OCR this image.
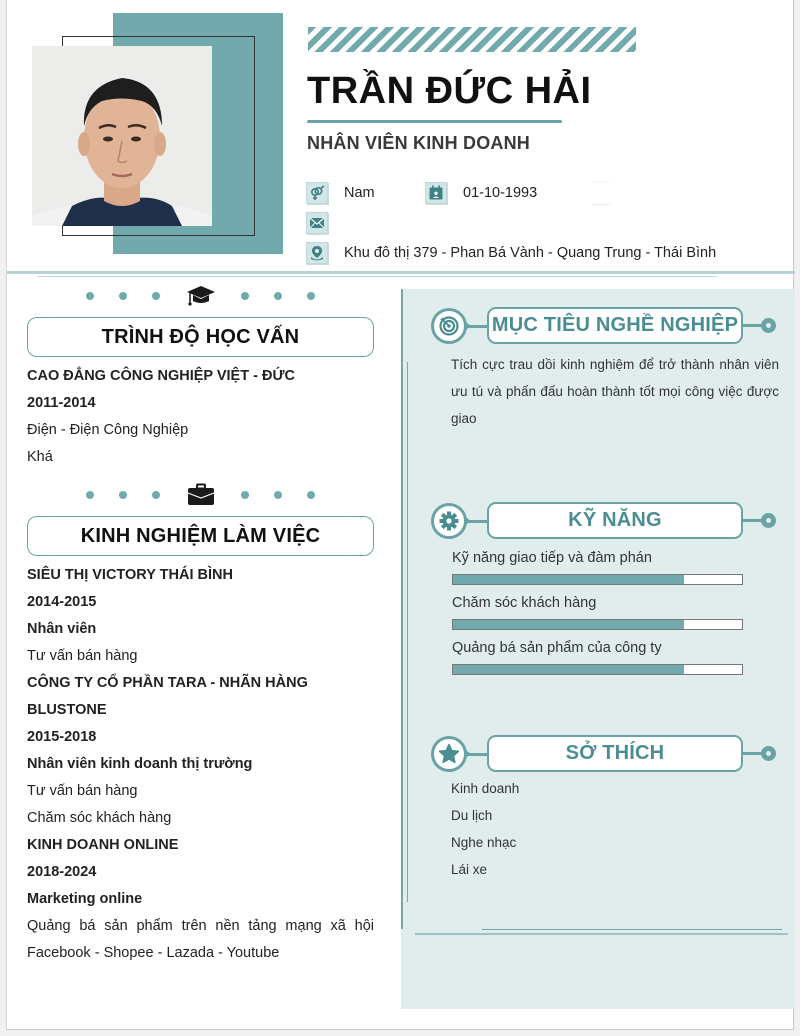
TRẦN ĐỨC HẢI
NHÂN VIÊN KINH DOANH
Nam	01-10-1993
Khu đô thị 379 - Phan Bá Vành - Quang Trung - Thái Bình
TRÌNH ĐỘ HỌC VẤN
CAO ĐẲNG CÔNG NGHIỆP VIỆT - ĐỨC
2011-2014
Điện - Điện Công Nghiệp
Khá
KINH NGHIỆM LÀM VIỆC
SIÊU THỊ VICTORY THÁI BÌNH
2014-2015
Nhân viên
Tư vấn bán hàng
CÔNG TY CỔ PHẦN TARA - NHÃN HÀNG
BLUSTONE
2015-2018
Nhân viên kinh doanh thị trường
Tư vấn bán hàng
Chăm sóc khách hàng
KINH DOANH ONLINE
2018-2024
Marketing online
Quảng bá sản phẩm trên nền tảng mạng xã hội
Facebook - Shopee - Lazada - Youtube
MỤC TIÊU NGHỀ NGHIỆP
Tích cực trau dồi kinh nghiệm để trở thành nhân viên ưu tú và phấn đấu hoàn thành tốt mọi công việc được giao
KỸ NĂNG
Kỹ năng giao tiếp và đàm phán
Chăm sóc khách hàng
Quảng bá sản phẩm của công ty
SỞ THÍCH
Kinh doanh
Du lịch
Nghe nhạc
Lái xe
